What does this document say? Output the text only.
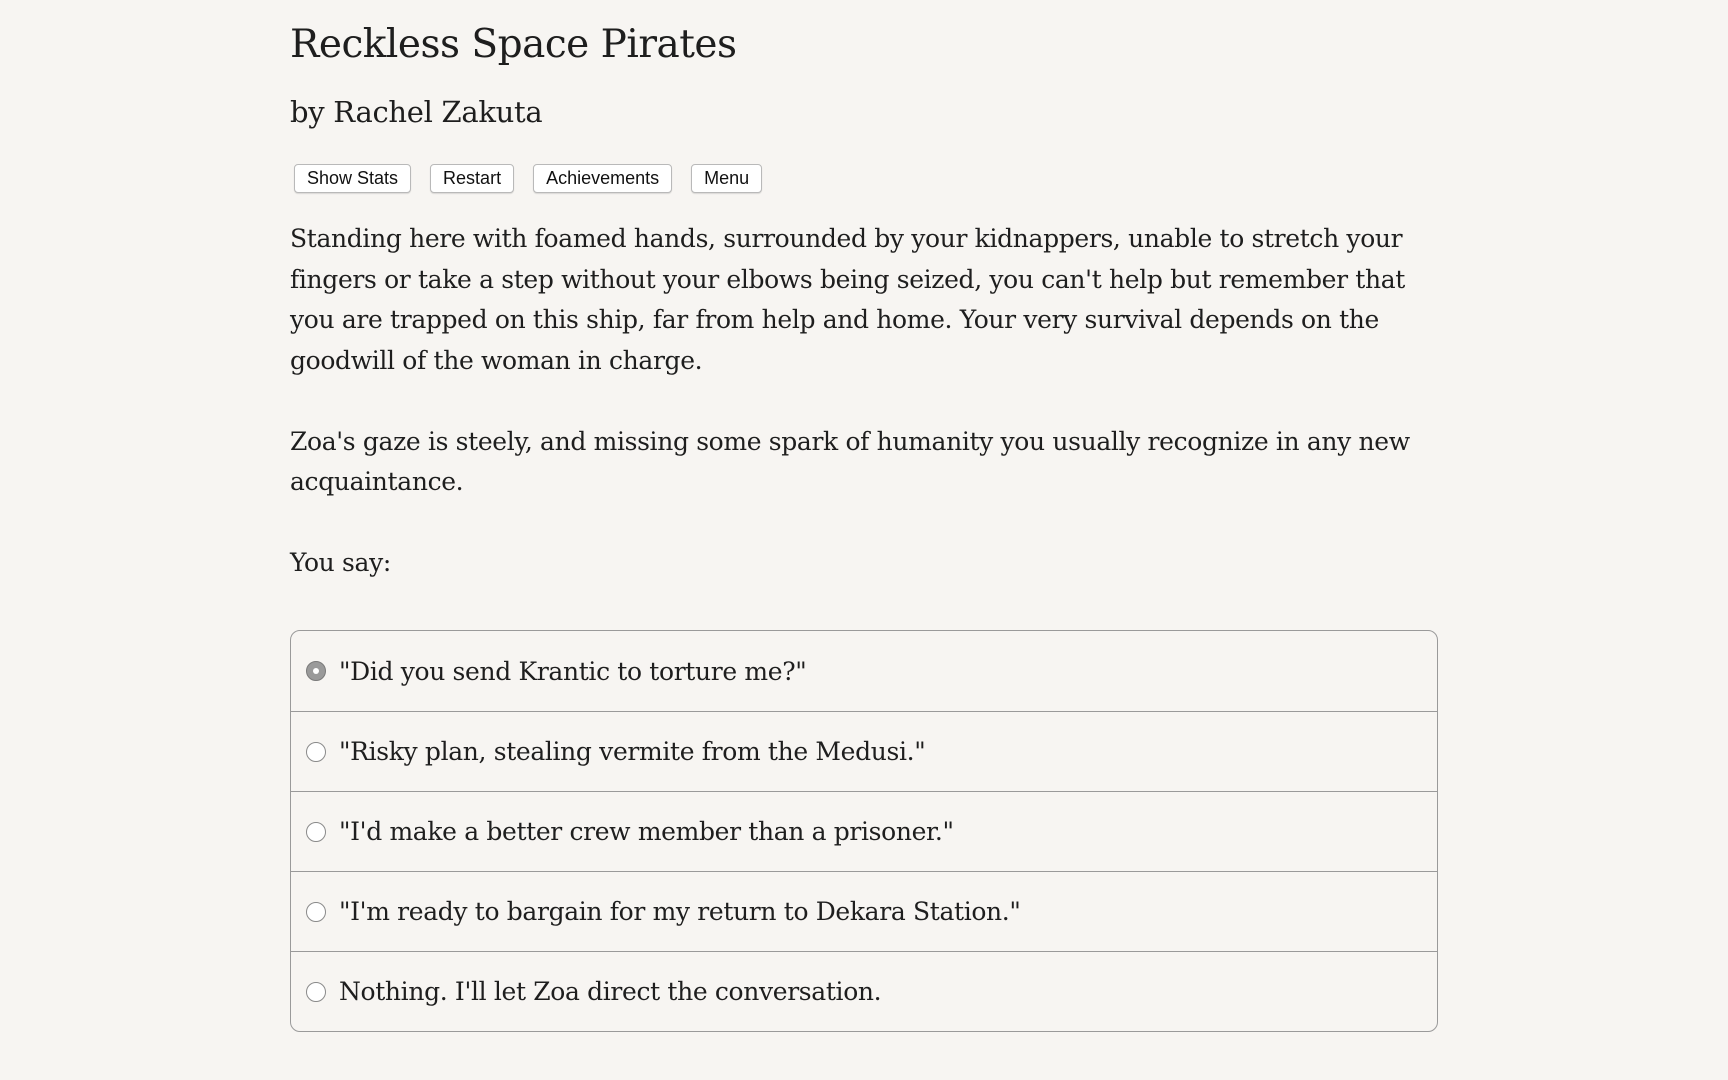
Reckless Space Pirates
by Rachel Zakuta
Show Stats	Restart	Achievements	Menu

Standing here with foamed hands, surrounded by your kidnappers, unable to stretch your fingers or take a step without your elbows being seized, you can't help but remember that you are trapped on this ship, far from help and home. Your very survival depends on the goodwill of the woman in charge.

Zoa's gaze is steely, and missing some spark of humanity you usually recognize in any new acquaintance.

You say:

"Did you send Krantic to torture me?"
"Risky plan, stealing vermite from the Medusi."
"I'd make a better crew member than a prisoner."
"I'm ready to bargain for my return to Dekara Station."
Nothing. I'll let Zoa direct the conversation.
